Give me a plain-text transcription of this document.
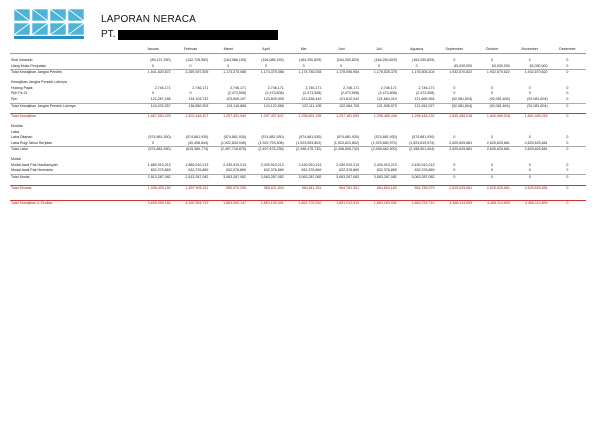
LAPORAN NERACA
PT.
	Januari	Februari	Maret	April	Mei	Juni	Juli	Agustus	September	October	November	Desember

Stok Inkaseki	(89,137,250)	(142,725,552)	(164,086,153)	(164,086,153)	(164,250,829)	(164,250,829)	(164,250,829)	(164,250,829)	0	0	0	0
Uang Muka Penjualan	0	0	0	0	0	0	0	0	63,030,000	63,030,000	63,030,000	0
Total Kewajiban Jangka Pendek	1,541,520,672	2,269,397,505	1,173,375,088	1,174,375,088	1,174,780,054	1,175,096,954	1,176,528,375	1,176,506,104	1,932,570,622	1,932,570,622	1,932,570,622	0

Kewajiban Jangka Pendek Lainnya												
Hutang Pajak	2,746,171	2,746,171	2,746,171	2,746,171	2,746,171	2,746,171	2,746,171	2,746,171	0	0	0	0
Pph Ps.21	0	0	(2,473,508)	(2,473,508)	(2,473,508)	(2,473,508)	(2,473,508)	(2,473,508)	0	0	0	0
Ppn	121,287,186	134,104,732	123,849,197	123,849,905	121,838,442	121,812,042	121,664,310	121,669,364	(92,081,604)	(92,081,604)	(92,081,604)	0
Total Kewajiban Jangka Pendek Lainnya	124,033,357	136,850,903	124,116,868	124,122,568	122,111,105	122,084,705	121,936,973	121,942,027	(92,081,604)	(92,081,604)	(92,081,604)	0

Total Kewajiban	1,667,554,029	2,402,448,407	1,297,491,940	1,297,497,647	1,296,891,159	1,297,181,659	1,298,465,348	1,298,448,132	1,840,489,018	1,840,489,018	1,840,489,018	0

Ekuitas												
Laba												
Laba Ditahan	(574,881,930)	(574,881,930)	(574,881,930)	(574,881,930)	(574,881,930)	(574,881,930)	(574,881,930)	(574,881,930)	0	0	0	0
Laba Rugi Tahun Berjalan	0	(40,498,844)	(1,922,834,945)	(1,922,793,308)	(1,923,593,802)	(1,923,623,802)	(1,923,680,970)	(1,923,619,574)	2,625,625,681	2,625,625,681	2,625,625,681	0
Total Laba	(574,881,930)	(615,380,774)	(2,497,716,875)	(2,497,675,238)	(2,498,475,732)	(2,498,505,732)	(2,498,482,900)	(2,498,501,504)	2,625,625,681	2,625,625,681	2,625,625,681	0

Modal												
Modal Awal Pak Hardiansyah	1,880,910,213	1,880,910,213	2,430,910,213	2,430,910,213	2,430,910,213	2,430,910,213	2,430,910,213	2,430,910,213	0	0	0	0
Modal Awal Pak Hermanto	632,376,869	632,376,869	632,376,869	632,376,869	632,376,869	632,376,869	632,376,869	632,376,869	0	0	0	0
Total Modal	2,513,287,082	2,513,287,082	3,063,287,082	3,063,287,082	3,063,287,082	3,063,287,082	3,063,287,082	3,063,287,082	0	0	0	0

Total Ekuitas	1,938,405,152	1,897,906,311	565,570,208	565,611,844	564,811,351	564,781,351	564,804,182	564,785,579	2,625,625,681	2,625,625,681	2,625,625,681	0

Total Kewajiban & Ekuitas	3,605,959,182	4,300,354,719	1,863,062,147	1,863,109,491	1,861,702,510	1,861,912,510	1,863,269,531	1,863,233,710	4,466,114,699	4,466,114,699	4,466,114,699	0
